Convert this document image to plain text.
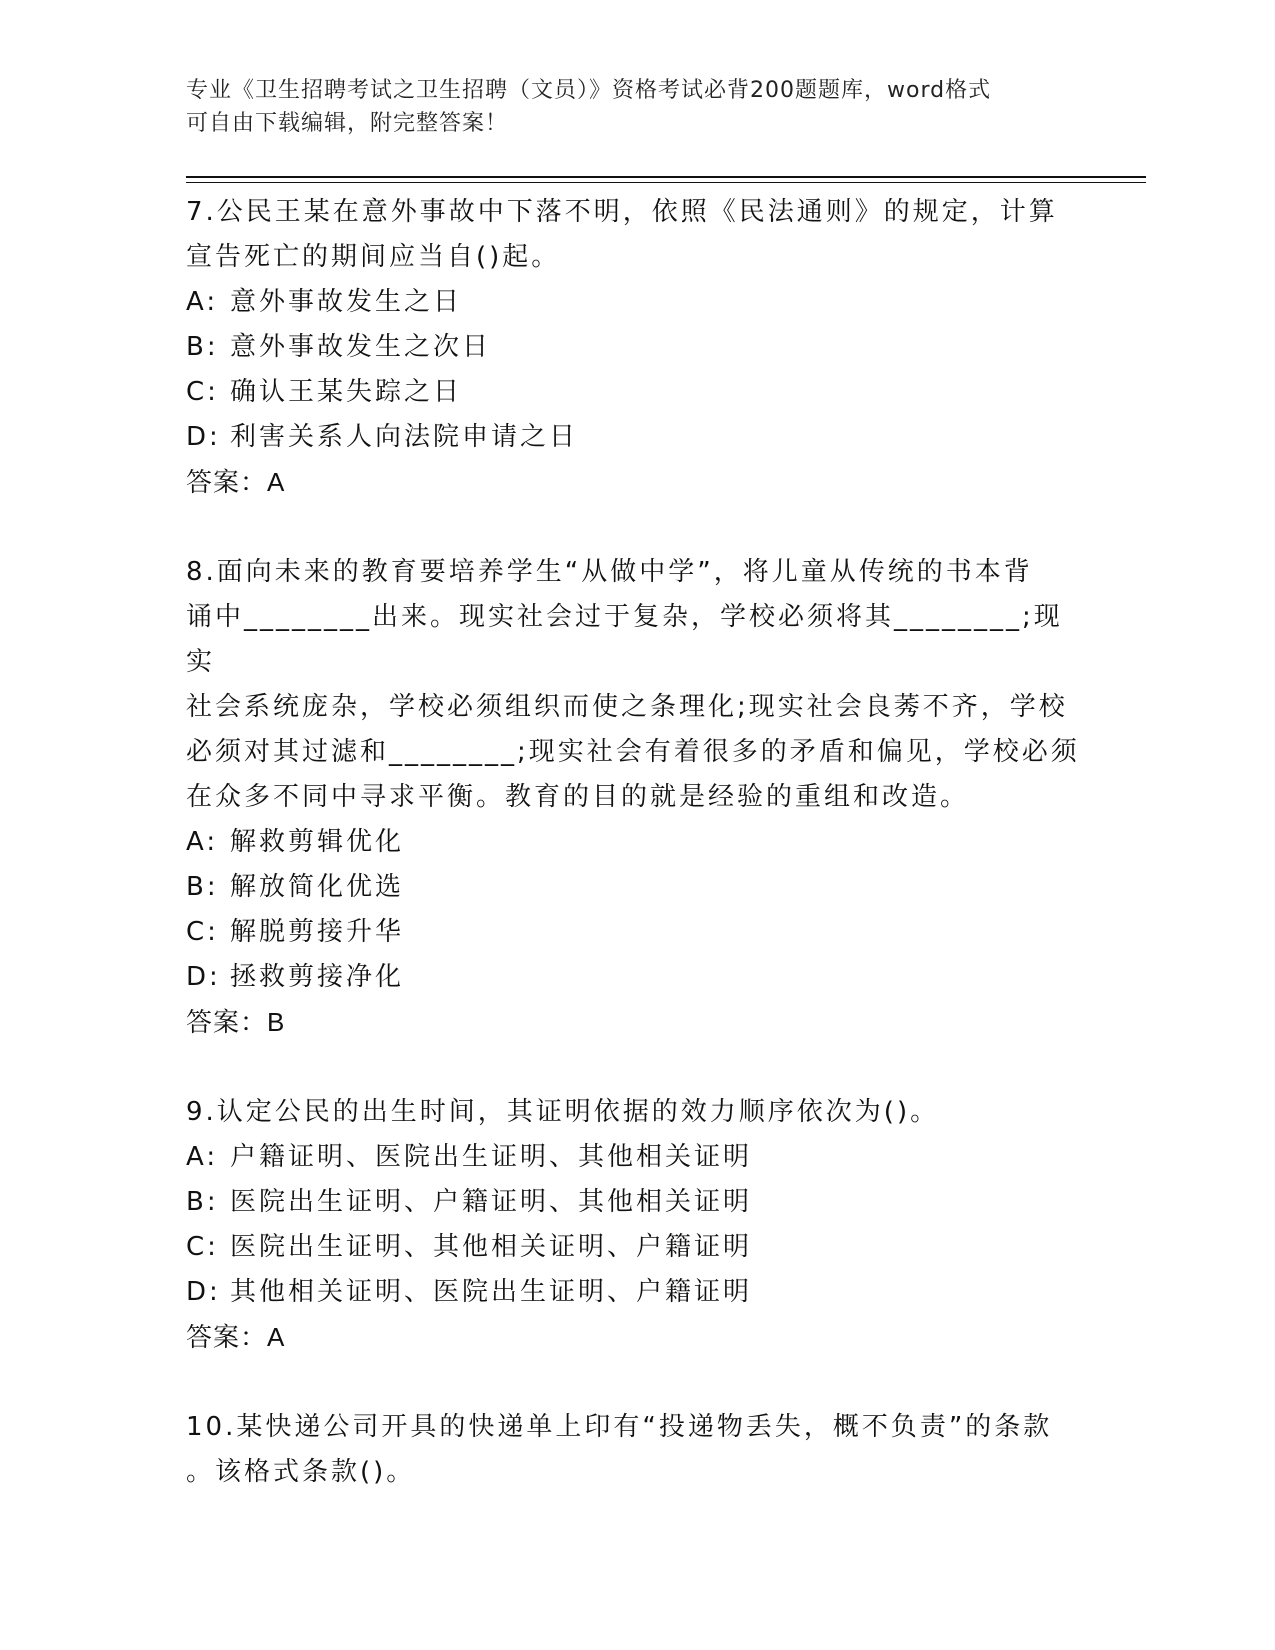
专业《卫生招聘考试之卫生招聘（文员）》资格考试必背200题题库，word格式
可自由下载编辑，附完整答案！
7.公民王某在意外事故中下落不明，依照《民法通则》的规定，计算
宣告死亡的期间应当自()起。
A: 意外事故发生之日
B: 意外事故发生之次日
C: 确认王某失踪之日
D: 利害关系人向法院申请之日
答案：A
8.面向未来的教育要培养学生“从做中学”，将儿童从传统的书本背
诵中________出来。现实社会过于复杂，学校必须将其________;现实
社会系统庞杂，学校必须组织而使之条理化;现实社会良莠不齐，学校
必须对其过滤和________;现实社会有着很多的矛盾和偏见，学校必须
在众多不同中寻求平衡。教育的目的就是经验的重组和改造。
A: 解救剪辑优化
B: 解放简化优选
C: 解脱剪接升华
D: 拯救剪接净化
答案：B
9.认定公民的出生时间，其证明依据的效力顺序依次为()。
A: 户籍证明、医院出生证明、其他相关证明
B: 医院出生证明、户籍证明、其他相关证明
C: 医院出生证明、其他相关证明、户籍证明
D: 其他相关证明、医院出生证明、户籍证明
答案：A
10.某快递公司开具的快递单上印有“投递物丢失，概不负责”的条款
。该格式条款()。
